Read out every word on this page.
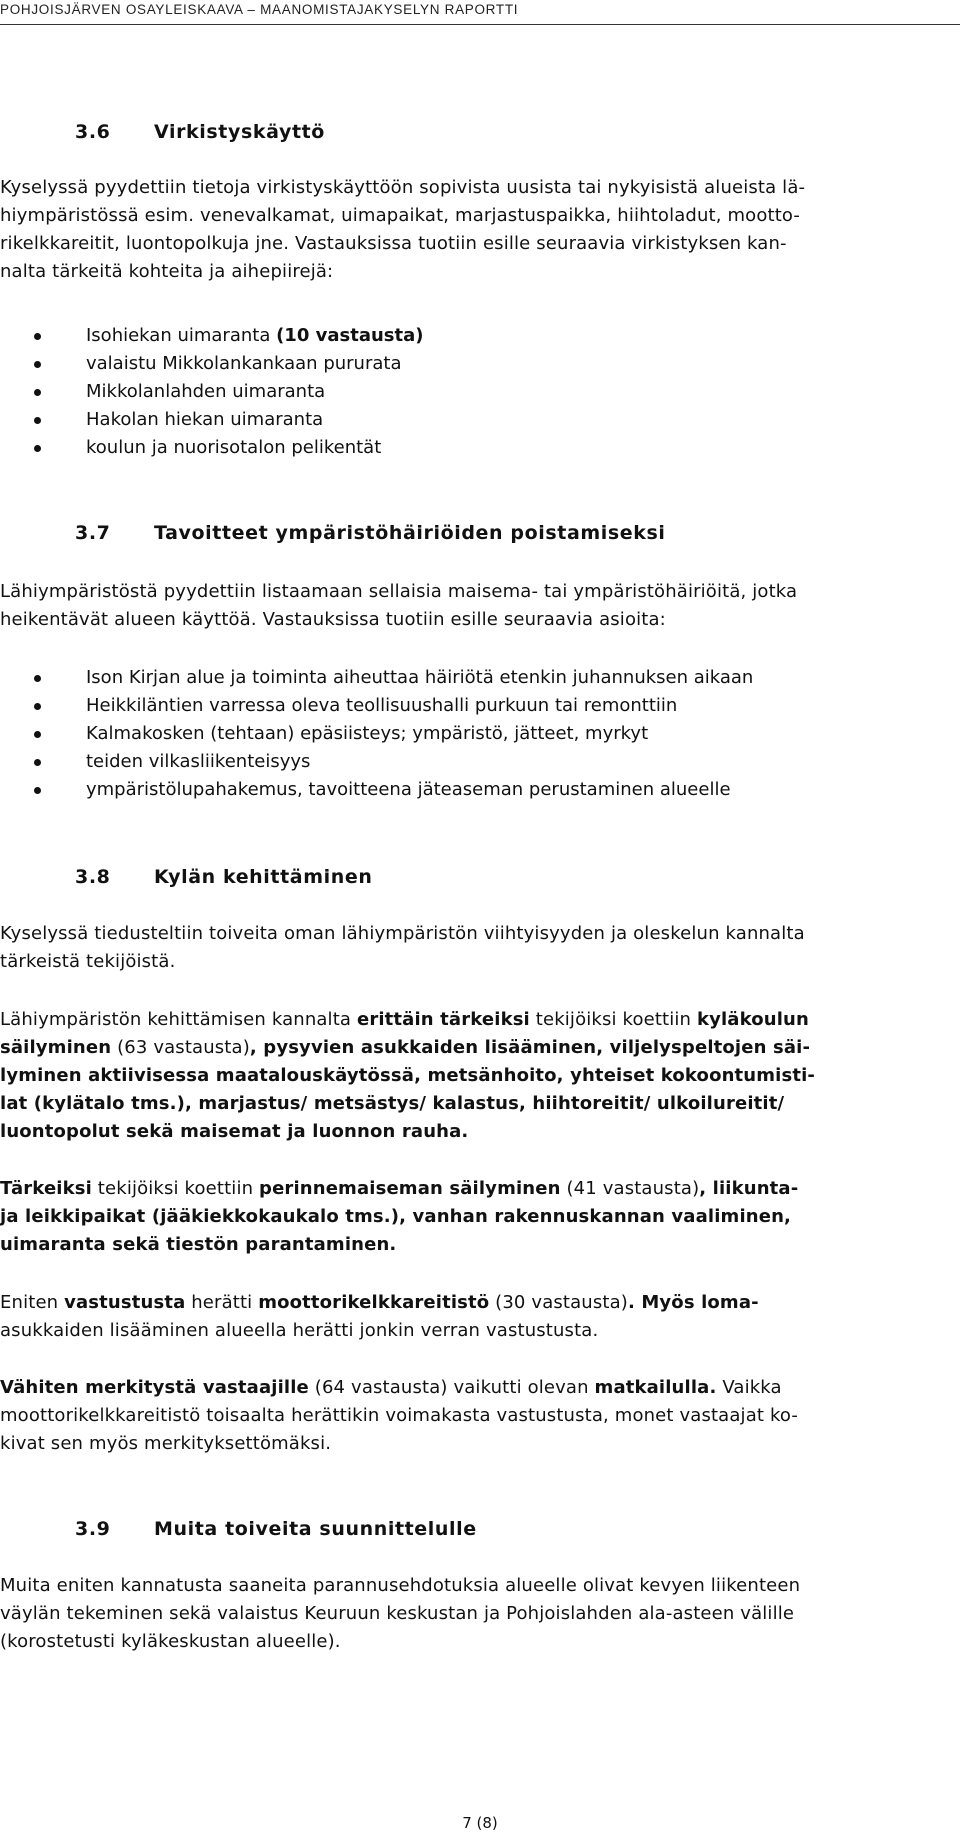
POHJOISJÄRVEN OSAYLEISKAAVA – MAANOMISTAJAKYSELYN RAPORTTI
3.6 Virkistyskäyttö
Kyselyssä pyydettiin tietoja virkistyskäyttöön sopivista uusista tai nykyisistä alueista lä-
hiympäristössä esim. venevalkamat, uimapaikat, marjastuspaikka, hiihtoladut, mootto-
rikelkkareitit, luontopolkuja jne. Vastauksissa tuotiin esille seuraavia virkistyksen kan-
nalta tärkeitä kohteita ja aihepiirejä:
Isohiekan uimaranta (10 vastausta)
valaistu Mikkolankankaan pururata
Mikkolanlahden uimaranta
Hakolan hiekan uimaranta
koulun ja nuorisotalon pelikentät
3.7 Tavoitteet ympäristöhäiriöiden poistamiseksi
Lähiympäristöstä pyydettiin listaamaan sellaisia maisema- tai ympäristöhäiriöitä, jotka
heikentävät alueen käyttöä. Vastauksissa tuotiin esille seuraavia asioita:
Ison Kirjan alue ja toiminta aiheuttaa häiriötä etenkin juhannuksen aikaan
Heikkiläntien varressa oleva teollisuushalli purkuun tai remonttiin
Kalmakosken (tehtaan) epäsiisteys; ympäristö, jätteet, myrkyt
teiden vilkasliikenteisyys
ympäristölupahakemus, tavoitteena jäteaseman perustaminen alueelle
3.8 Kylän kehittäminen
Kyselyssä tiedusteltiin toiveita oman lähiympäristön viihtyisyyden ja oleskelun kannalta
tärkeistä tekijöistä.
Lähiympäristön kehittämisen kannalta erittäin tärkeiksi tekijöiksi koettiin kyläkoulun
säilyminen (63 vastausta), pysyvien asukkaiden lisääminen, viljelyspeltojen säi-
lyminen aktiivisessa maatalouskäytössä, metsänhoito, yhteiset kokoontumisti-
lat (kylätalo tms.), marjastus/ metsästys/ kalastus, hiihtoreitit/ ulkoilureitit/
luontopolut sekä maisemat ja luonnon rauha.
Tärkeiksi tekijöiksi koettiin perinnemaiseman säilyminen (41 vastausta), liikunta-
ja leikkipaikat (jääkiekkokaukalo tms.), vanhan rakennuskannan vaaliminen,
uimaranta sekä tiestön parantaminen.
Eniten vastustusta herätti moottorikelkkareitistö (30 vastausta). Myös loma-
asukkaiden lisääminen alueella herätti jonkin verran vastustusta.
Vähiten merkitystä vastaajille (64 vastausta) vaikutti olevan matkailulla. Vaikka
moottorikelkkareitistö toisaalta herättikin voimakasta vastustusta, monet vastaajat ko-
kivat sen myös merkityksettömäksi.
3.9 Muita toiveita suunnittelulle
Muita eniten kannatusta saaneita parannusehdotuksia alueelle olivat kevyen liikenteen
väylän tekeminen sekä valaistus Keuruun keskustan ja Pohjoislahden ala-asteen välille
(korostetusti kyläkeskustan alueelle).
7 (8)
